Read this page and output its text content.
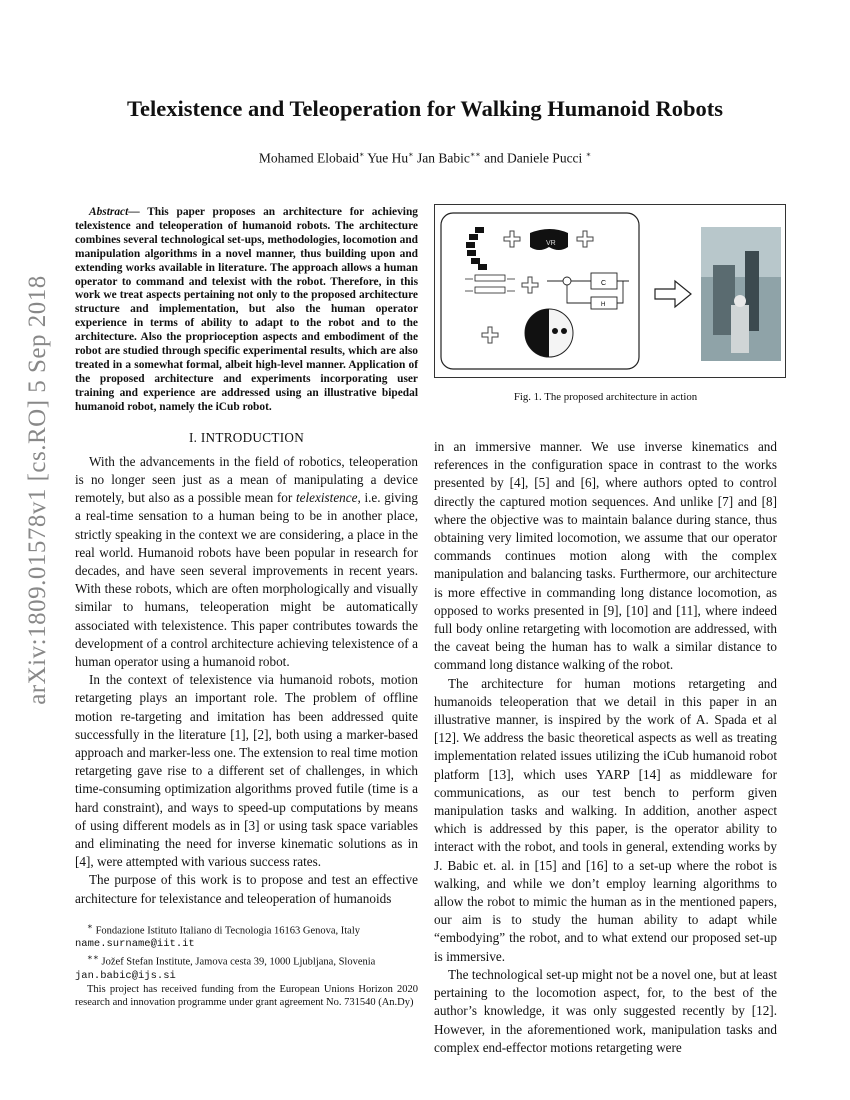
arXiv:1809.01578v1 [cs.RO] 5 Sep 2018
Telexistence and Teleoperation for Walking Humanoid Robots
Mohamed Elobaid∗ Yue Hu∗ Jan Babic∗∗ and Daniele Pucci ∗

Abstract— This paper proposes an architecture for achieving telexistence and teleoperation of humanoid robots. The architecture combines several technological set-ups, methodologies, locomotion and manipulation algorithms in a novel manner, thus building upon and extending works available in literature. The approach allows a human operator to command and telexist with the robot. Therefore, in this work we treat aspects pertaining not only to the proposed architecture structure and implementation, but also the human operator experience in terms of ability to adapt to the robot and to the architecture. Also the proprioception aspects and embodiment of the robot are studied through specific experimental results, which are also treated in a somewhat formal, albeit high-level manner. Application of the proposed architecture and experiments incorporating user training and experience are addressed using an illustrative bipedal humanoid robot, namely the iCub robot.

I. INTRODUCTION

With the advancements in the field of robotics, teleoperation is no longer seen just as a mean of manipulating a device remotely, but also as a possible mean for telexistence, i.e. giving a real-time sensation to a human being to be in another place, strictly speaking in the context we are considering, a place in the real world. Humanoid robots have been popular in research for decades, and have seen several improvements in recent years. With these robots, which are often morphologically and visually similar to humans, teleoperation might be automatically associated with telexistence. This paper contributes towards the development of a control architecture achieving telexistence of a human operator using a humanoid robot.

In the context of telexistence via humanoid robots, motion retargeting plays an important role. The problem of offline motion re-targeting and imitation has been addressed quite successfully in the literature [1], [2], both using a marker-based approach and marker-less one. The extension to real time motion retargeting gave rise to a different set of challenges, in which time-consuming optimization algorithms proved futile (time is a hard constraint), and ways to speed-up computations by means of using different models as in [3] or using task space variables and eliminating the need for inverse kinematic solutions as in [4], were attempted with various success rates.

The purpose of this work is to propose and test an effective architecture for telexistance and teleoperation of humanoids

∗ Fondazione Istituto Italiano di Tecnologia 16163 Genova, Italy
name.surname@iit.it
∗∗ Jožef Stefan Institute, Jamova cesta 39, 1000 Ljubljana, Slovenia
jan.babic@ijs.si
This project has received funding from the European Unions Horizon 2020 research and innovation programme under grant agreement No. 731540 (An.Dy)
VR
C
H
Fig. 1. The proposed architecture in action

in an immersive manner. We use inverse kinematics and references in the configuration space in contrast to the works presented by [4], [5] and [6], where authors opted to control directly the captured motion sequences. And unlike [7] and [8] where the objective was to maintain balance during stance, thus obtaining very limited locomotion, we assume that our operator commands continues motion along with the complex manipulation and balancing tasks. Furthermore, our architecture is more effective in commanding long distance locomotion, as opposed to works presented in [9], [10] and [11], where indeed full body online retargeting with locomotion are addressed, with the caveat being the human has to walk a similar distance to command long distance walking of the robot.

The architecture for human motions retargeting and humanoids teleoperation that we detail in this paper in an illustrative manner, is inspired by the work of A. Spada et al [12]. We address the basic theoretical aspects as well as treating implementation related issues utilizing the iCub humanoid robot platform [13], which uses YARP [14] as middleware for communications, as our test bench to perform given manipulation tasks and walking. In addition, another aspect which is addressed by this paper, is the operator ability to interact with the robot, and tools in general, extending works by J. Babic et. al. in [15] and [16] to a set-up where the robot is walking, and while we don’t employ learning algorithms to allow the robot to mimic the human as in the mentioned papers, our aim is to study the human ability to adapt while “embodying” the robot, and to what extend our proposed set-up is immersive.

The technological set-up might not be a novel one, but at least pertaining to the locomotion aspect, for, to the best of the author’s knowledge, it was only suggested recently by [12]. However, in the aforementioned work, manipulation tasks and complex end-effector motions retargeting were
